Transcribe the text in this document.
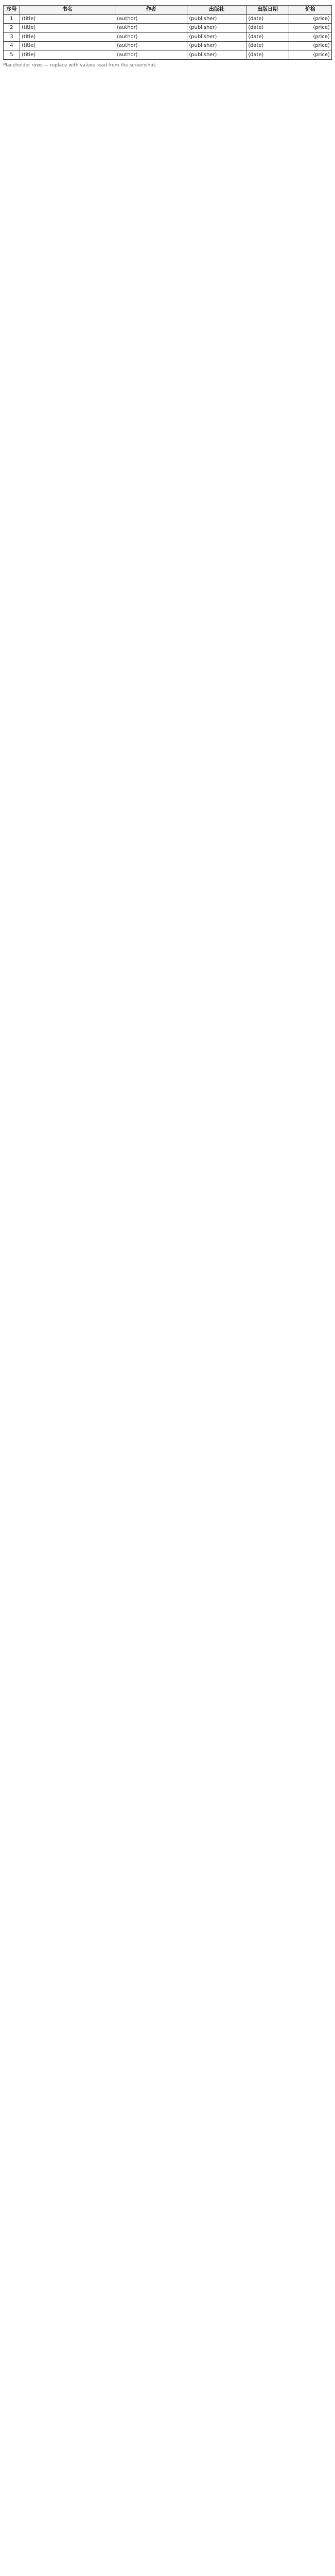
序号	书名	作者	出版社	出版日期	价格
1	⟨title⟩	⟨author⟩	⟨publisher⟩	⟨date⟩	⟨price⟩
2	⟨title⟩	⟨author⟩	⟨publisher⟩	⟨date⟩	⟨price⟩
3	⟨title⟩	⟨author⟩	⟨publisher⟩	⟨date⟩	⟨price⟩
4	⟨title⟩	⟨author⟩	⟨publisher⟩	⟨date⟩	⟨price⟩
5	⟨title⟩	⟨author⟩	⟨publisher⟩	⟨date⟩	⟨price⟩
Placeholder rows — replace with values read from the screenshot.
